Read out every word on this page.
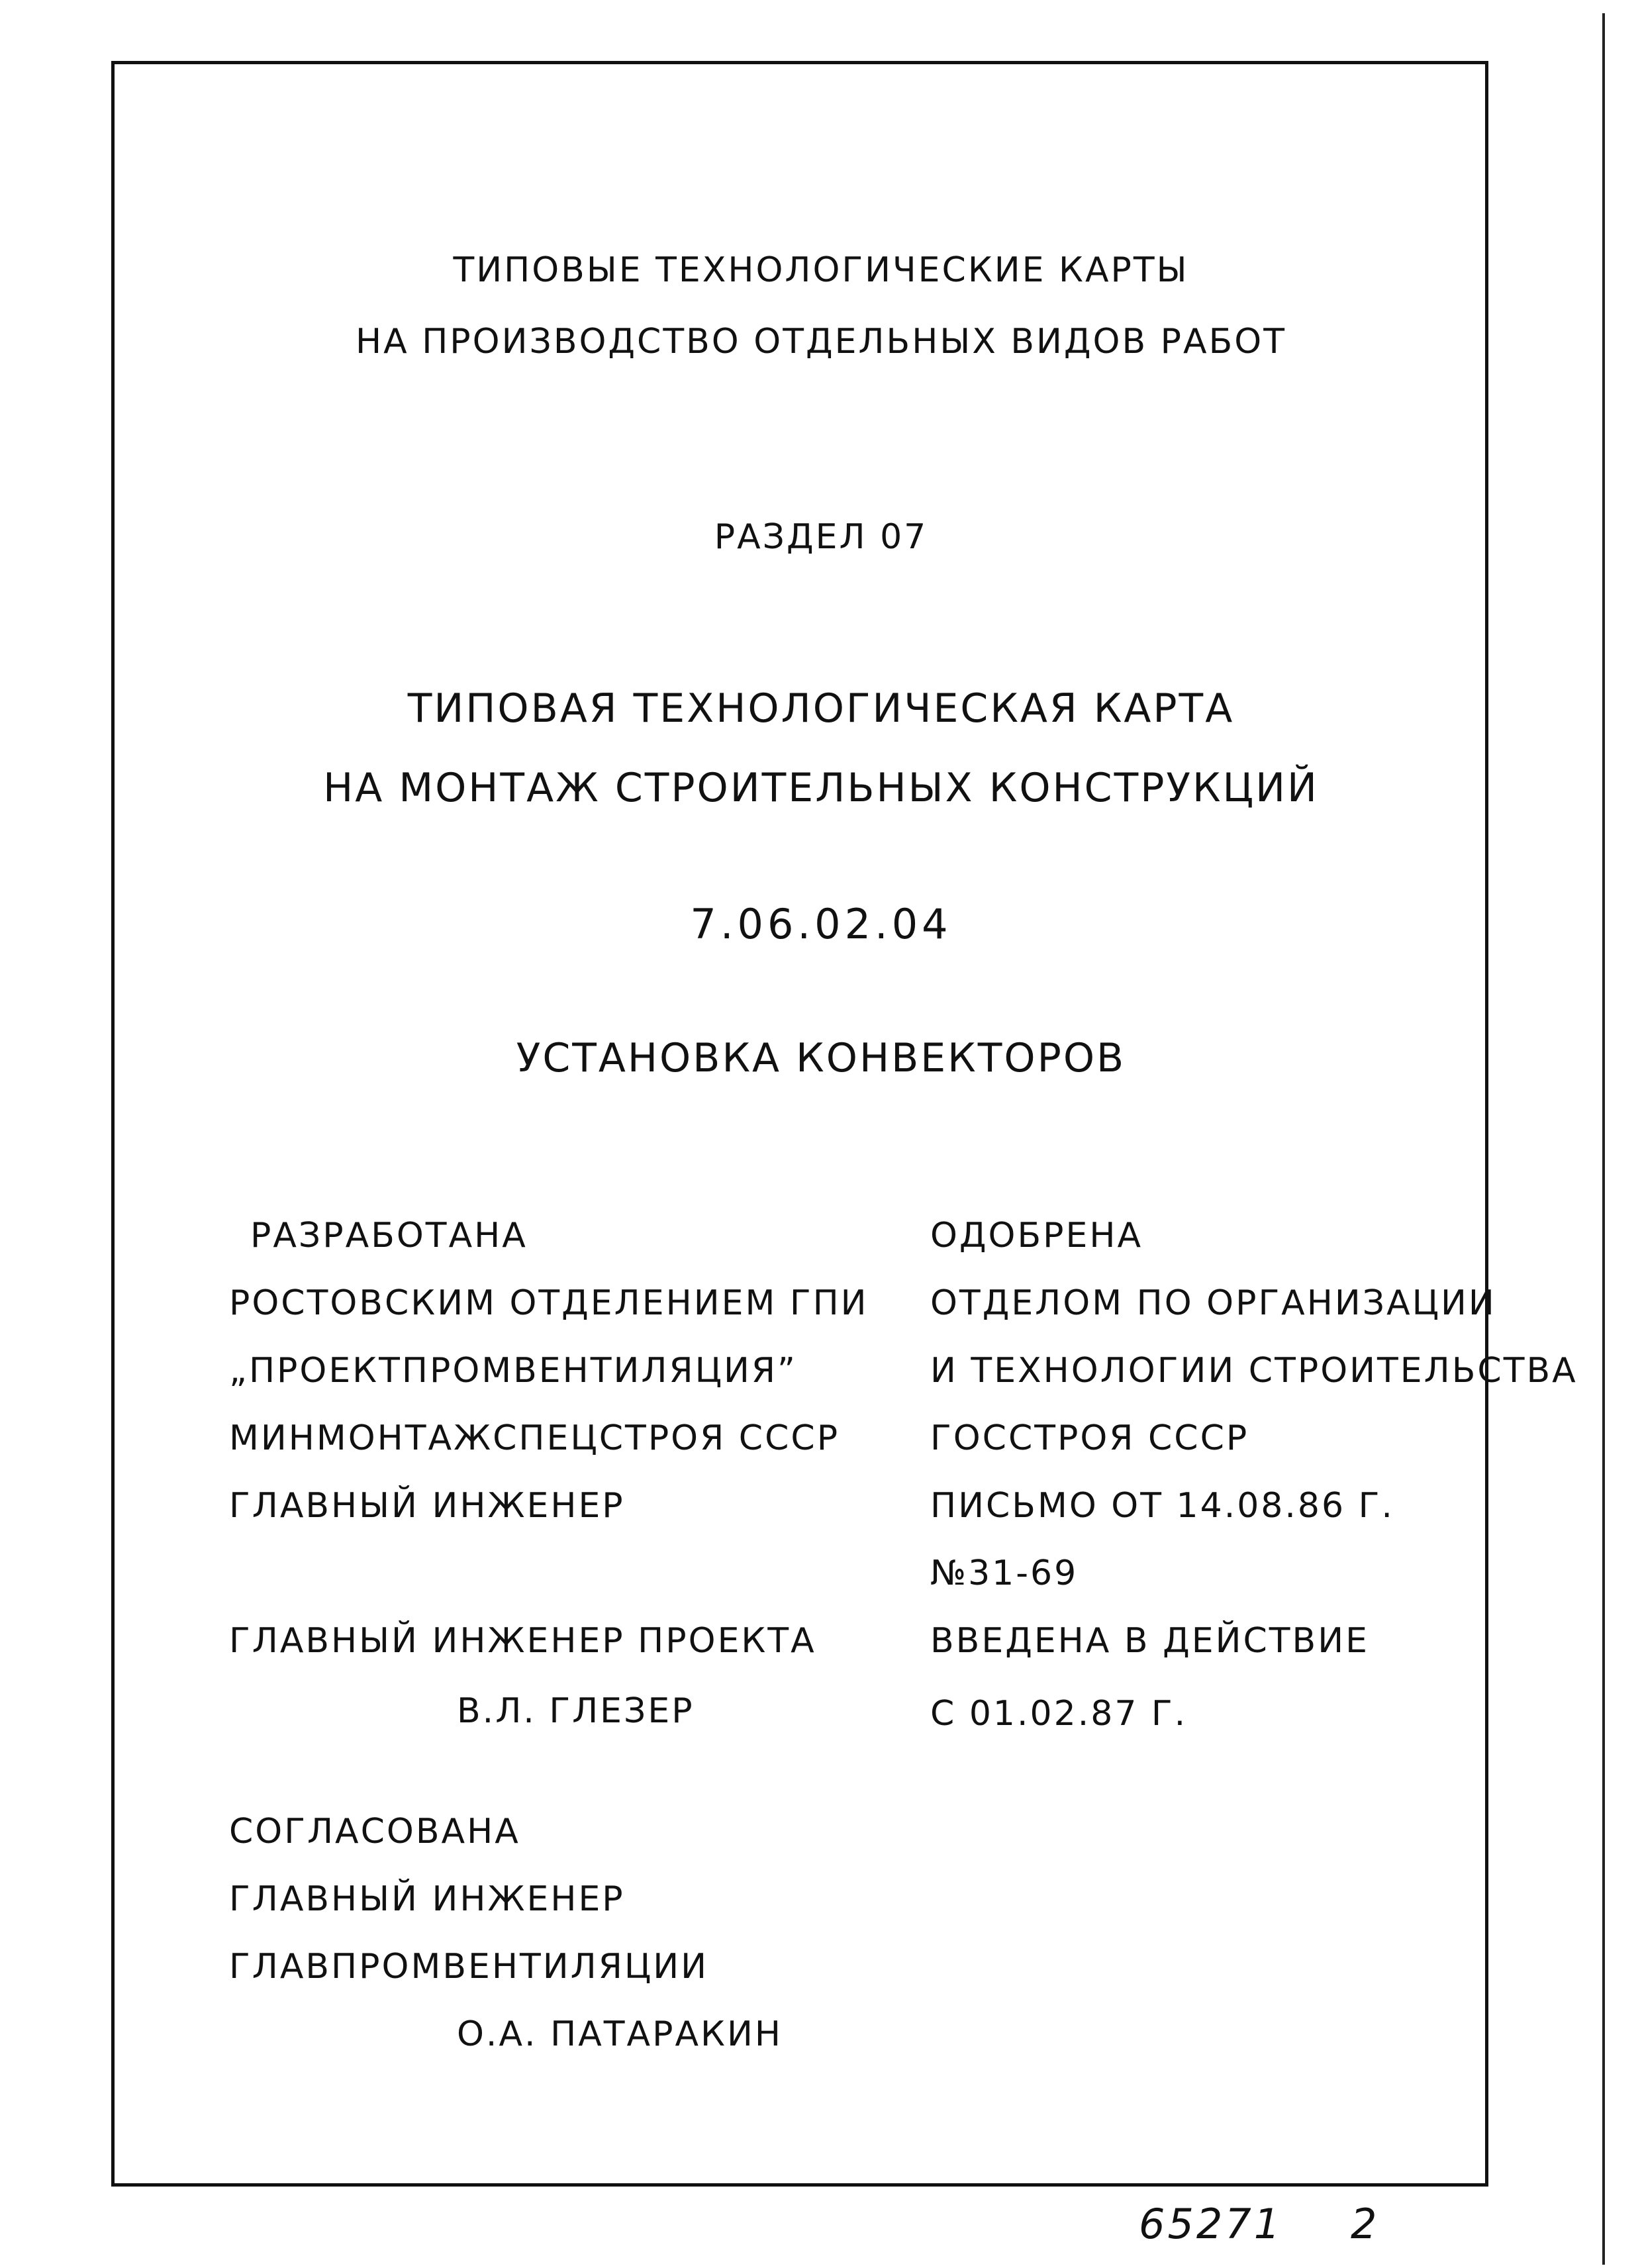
ТИПОВЫЕ ТЕХНОЛОГИЧЕСКИЕ КАРТЫ
НА ПРОИЗВОДСТВО ОТДЕЛЬНЫХ ВИДОВ РАБОТ
РАЗДЕЛ 07
ТИПОВАЯ ТЕХНОЛОГИЧЕСКАЯ КАРТА
НА МОНТАЖ СТРОИТЕЛЬНЫХ КОНСТРУКЦИЙ
7.06.02.04
УСТАНОВКА КОНВЕКТОРОВ
РАЗРАБОТАНА
РОСТОВСКИМ ОТДЕЛЕНИЕМ ГПИ
„ПРОЕКТПРОМВЕНТИЛЯЦИЯ”
МИНМОНТАЖСПЕЦСТРОЯ СССР
ГЛАВНЫЙ ИНЖЕНЕР
ГЛАВНЫЙ ИНЖЕНЕР ПРОЕКТА
В.Л. ГЛЕЗЕР
СОГЛАСОВАНА
ГЛАВНЫЙ ИНЖЕНЕР
ГЛАВПРОМВЕНТИЛЯЦИИ
О.А. ПАТАРАКИН
ОДОБРЕНА
ОТДЕЛОМ ПО ОРГАНИЗАЦИИ
И ТЕХНОЛОГИИ СТРОИТЕЛЬСТВА
ГОССТРОЯ СССР
ПИСЬМО ОТ 14.08.86 Г.
№31-69
ВВЕДЕНА В ДЕЙСТВИЕ
С 01.02.87 Г.
65271 2
